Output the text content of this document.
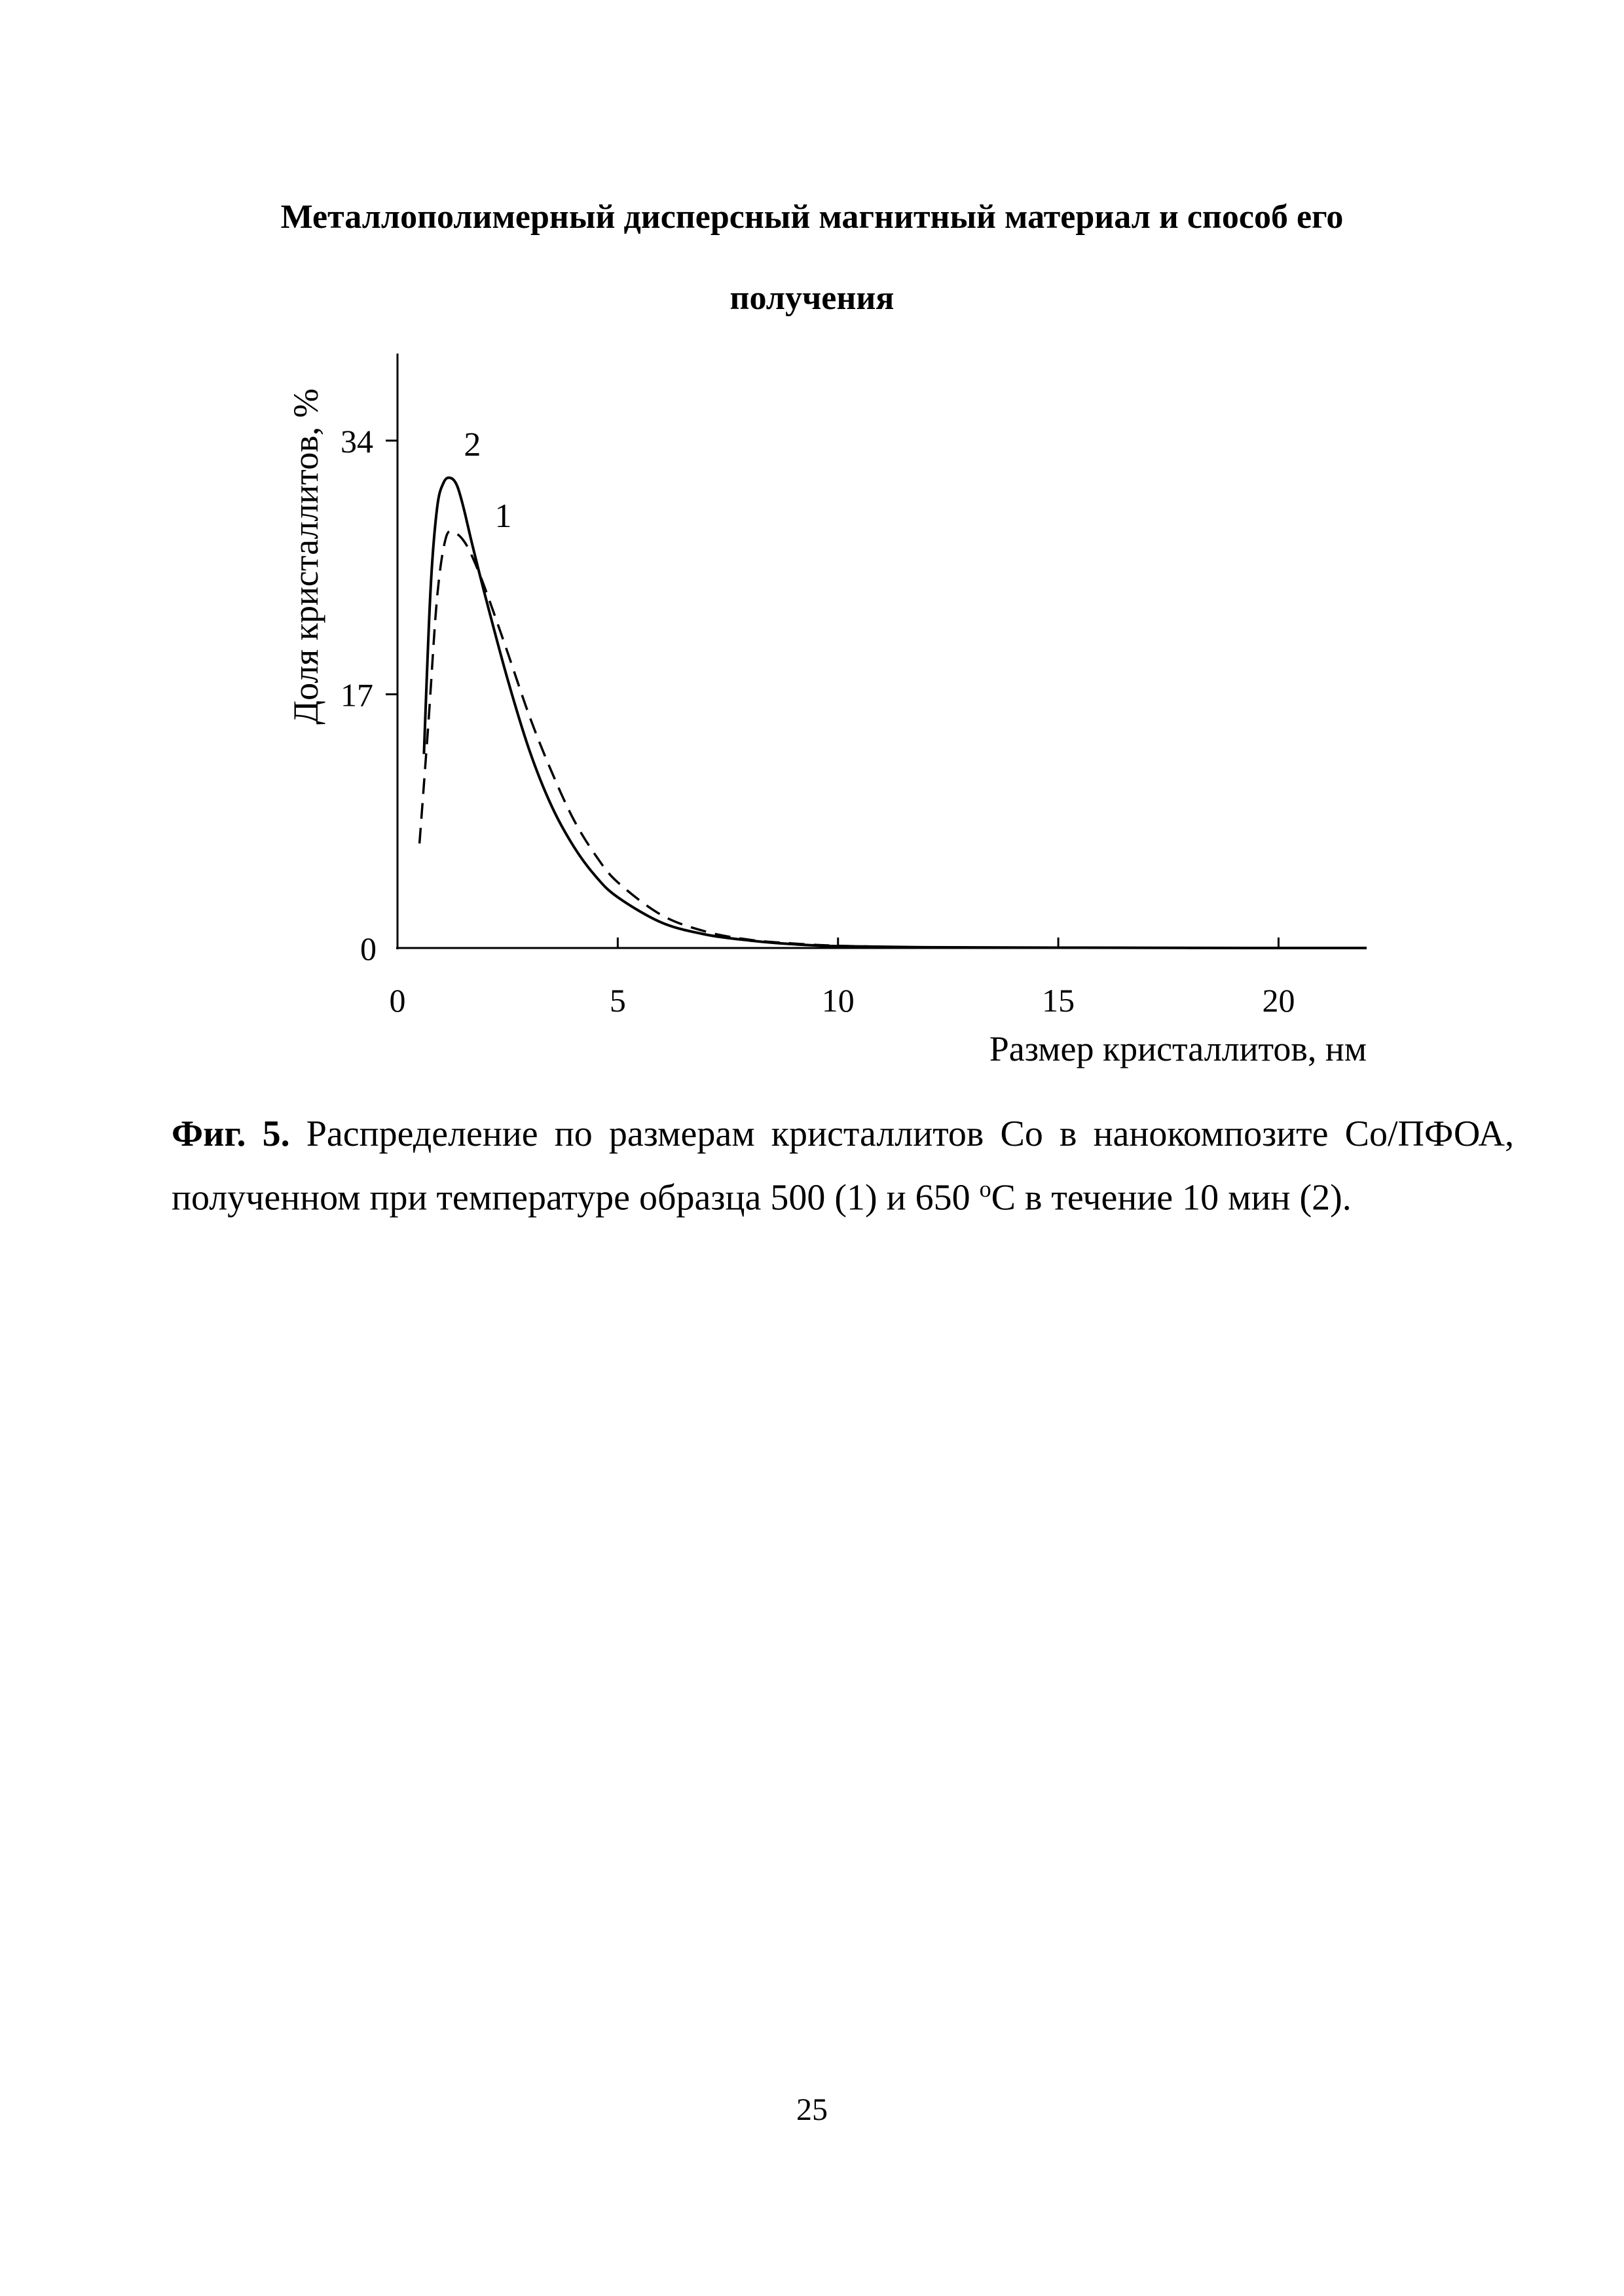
Металлополимерный дисперсный магнитный материал и способ его
получения
0	5	10	15	20
0
17
34
Размер кристаллитов, нм
Доля кристаллитов, %	2
1
Фиг. 5. Распределение по размерам кристаллитов Co в нанокомпозите Co/ПФОА, полученном при температуре образца 500 (1) и 650 oC в течение 10 мин (2).
25
